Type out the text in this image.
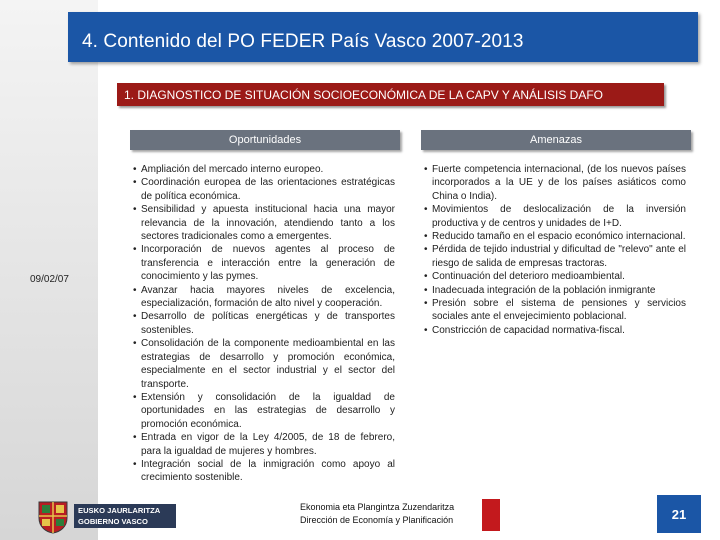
4. Contenido del PO FEDER País Vasco 2007-2013
09/02/07
1. DIAGNOSTICO DE SITUACIÓN SOCIOECONÓMICA DE LA CAPV Y ANÁLISIS DAFO
Oportunidades	Amenazas
• Ampliación del mercado interno europeo.
• Coordinación europea de las orientaciones estratégicas de política económica.
• Sensibilidad y apuesta institucional hacia una mayor relevancia de la innovación, atendiendo tanto a los sectores tradicionales como a emergentes.
• Incorporación de nuevos agentes al proceso de transferencia e interacción entre la generación de conocimiento y las pymes.
• Avanzar hacia mayores niveles de excelencia, especialización, formación de alto nivel y cooperación.
• Desarrollo de políticas energéticas y de transportes sostenibles.
• Consolidación de la componente medioambiental en las estrategias de desarrollo y promoción económica, especialmente en el sector industrial y el sector del transporte.
• Extensión y consolidación de la igualdad de oportunidades en las estrategias de desarrollo y promoción económica.
• Entrada en vigor de la Ley 4/2005, de 18 de febrero, para la igualdad de mujeres y hombres.
• Integración social de la inmigración como apoyo al crecimiento sostenible.
• Fuerte competencia internacional, (de los nuevos países incorporados a la UE y de los países asiáticos como China o India).
• Movimientos de deslocalización de la inversión productiva y de centros y unidades de I+D.
• Reducido tamaño en el espacio económico internacional.
• Pérdida de tejido industrial y dificultad de "relevo" ante el riesgo de salida de empresas tractoras.
• Continuación del deterioro medioambiental.
• Inadecuada integración de la población inmigrante
• Presión sobre el sistema de pensiones y servicios sociales ante el envejecimiento poblacional.
• Constricción de capacidad normativa-fiscal.
EUSKO JAURLARITZA
GOBIERNO VASCO
Ekonomia eta Plangintza Zuzendaritza
Dirección de Economía y Planificación	21
